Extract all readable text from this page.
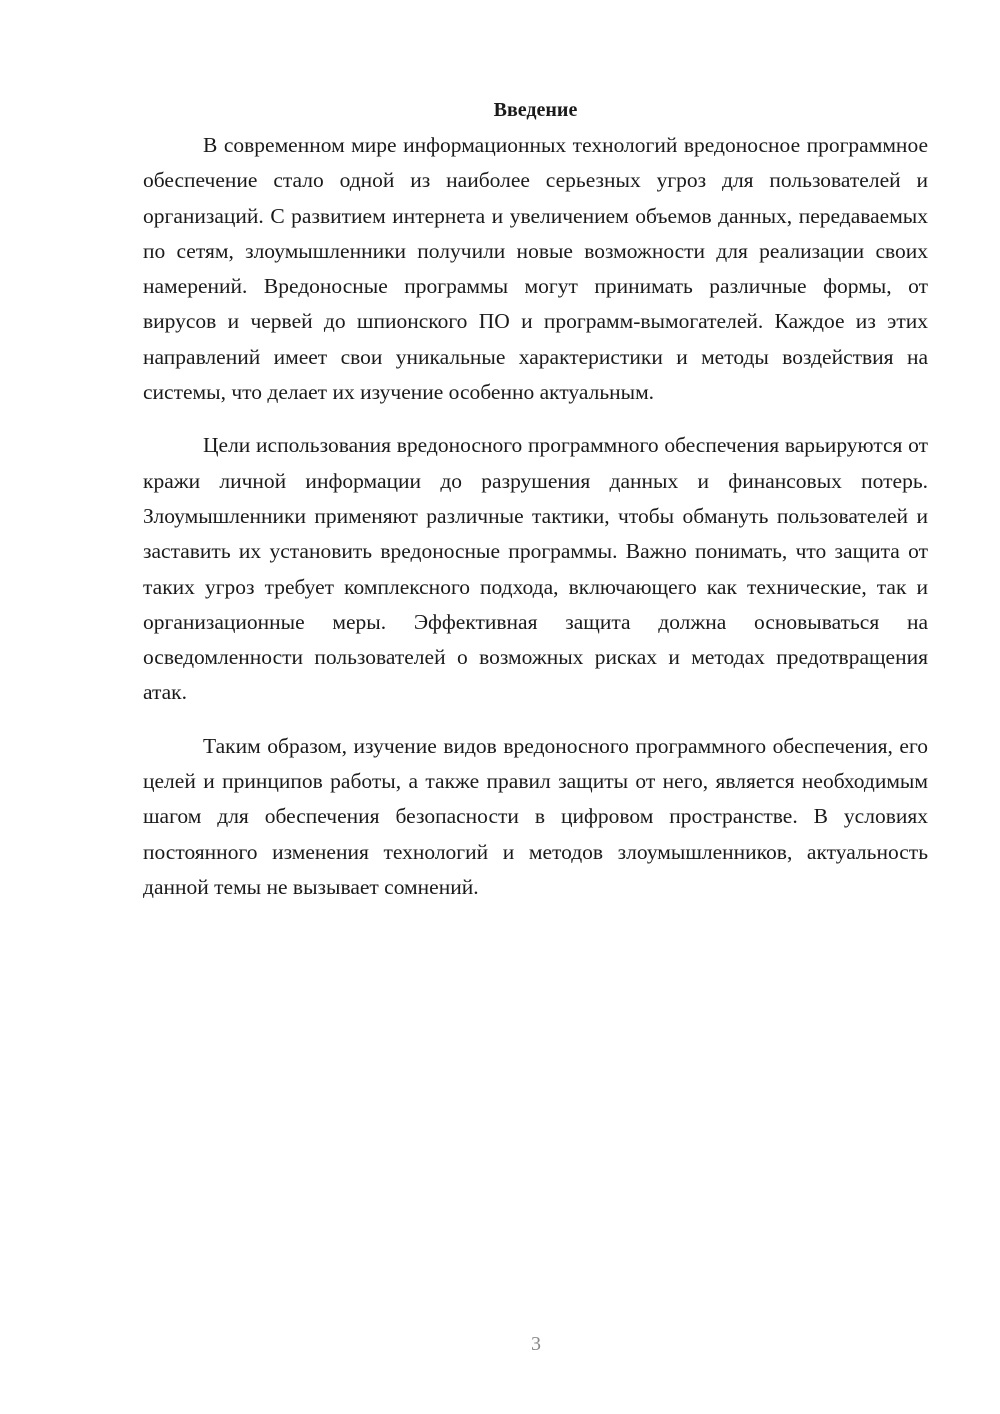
Введение

В современном мире информационных технологий вредоносное программное обеспечение стало одной из наиболее серьезных угроз для пользователей и организаций. С развитием интернета и увеличением объемов данных, передаваемых по сетям, злоумышленники получили новые возможности для реализации своих намерений. Вредоносные программы могут принимать различные формы, от вирусов и червей до шпионского ПО и программ-вымогателей. Каждое из этих направлений имеет свои уникальные характеристики и методы воздействия на системы, что делает их изучение особенно актуальным.

Цели использования вредоносного программного обеспечения варьируются от кражи личной информации до разрушения данных и финансовых потерь. Злоумышленники применяют различные тактики, чтобы обмануть пользователей и заставить их установить вредоносные программы. Важно понимать, что защита от таких угроз требует комплексного подхода, включающего как технические, так и организационные меры. Эффективная защита должна основываться на осведомленности пользователей о возможных рисках и методах предотвращения атак.

Таким образом, изучение видов вредоносного программного обеспечения, его целей и принципов работы, а также правил защиты от него, является необходимым шагом для обеспечения безопасности в цифровом пространстве. В условиях постоянного изменения технологий и методов злоумышленников, актуальность данной темы не вызывает сомнений.

3
